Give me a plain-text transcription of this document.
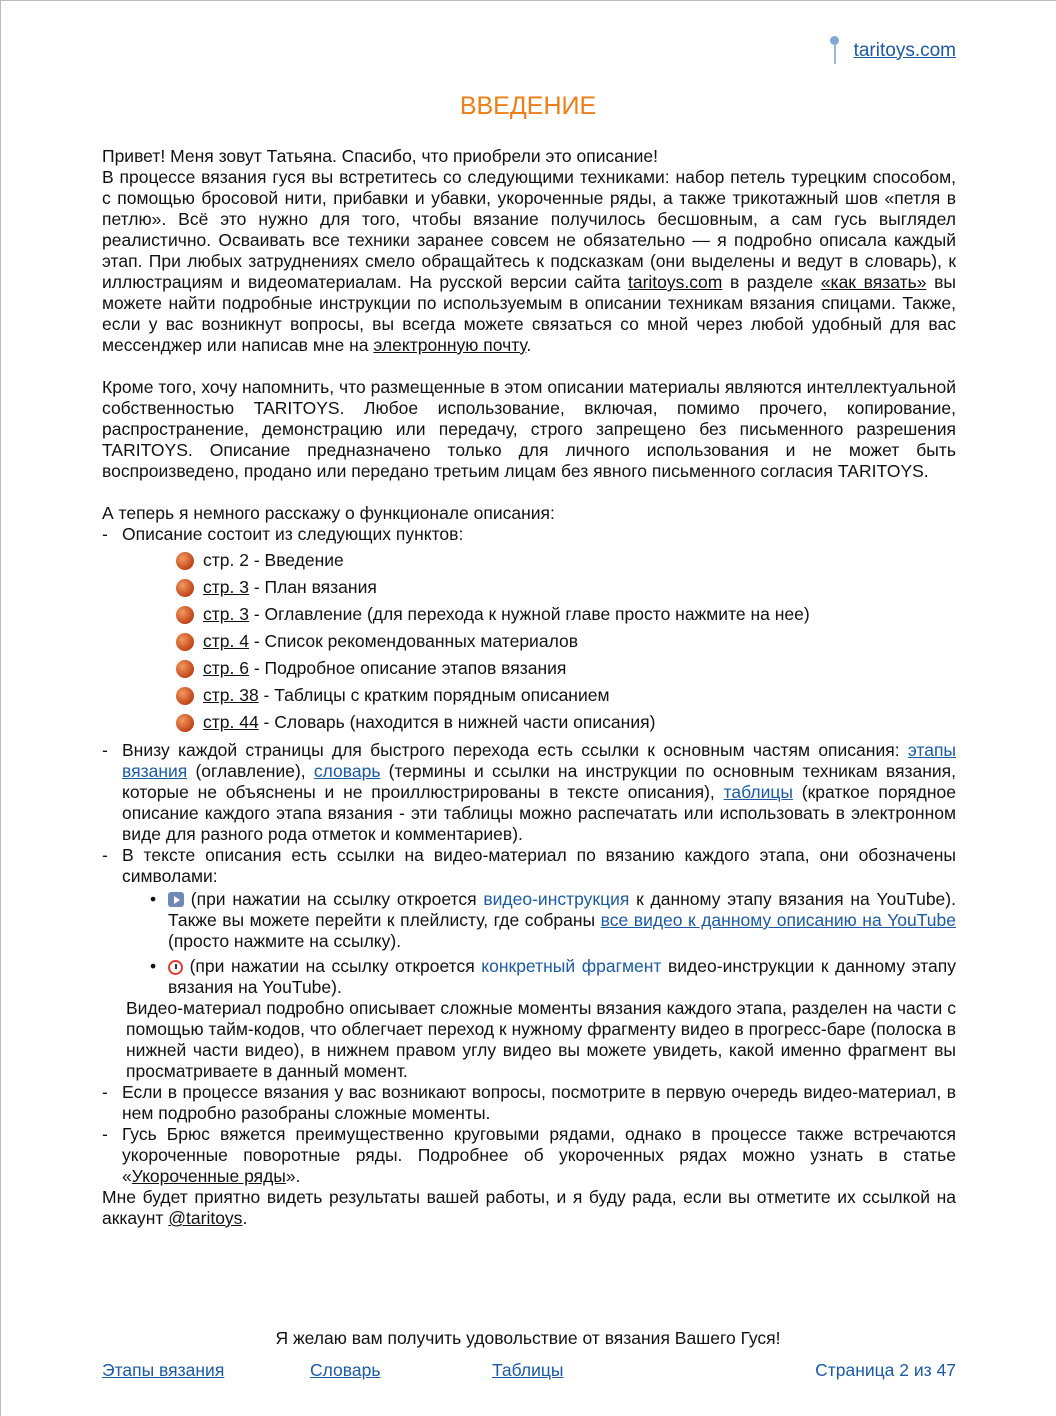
taritoys.com
ВВЕДЕНИЕ

Привет! Меня зовут Татьяна. Спасибо, что приобрели это описание!

В процессе вязания гуся вы встретитесь со следующими техниками: набор петель турецким способом, с помощью бросовой нити, прибавки и убавки, укороченные ряды, а также трикотажный шов «петля в петлю». Всё это нужно для того, чтобы вязание получилось бесшовным, а сам гусь выглядел реалистично. Осваивать все техники заранее совсем не обязательно — я подробно описала каждый этап. При любых затруднениях смело обращайтесь к подсказкам (они выделены и ведут в словарь), к иллюстрациям и видеоматериалам. На русской версии сайта taritoys.com в разделе «как вязать» вы можете найти подробные инструкции по используемым в описании техникам вязания спицами. Также, если у вас возникнут вопросы, вы всегда можете связаться со мной через любой удобный для вас мессенджер или написав мне на электронную почту.

Кроме того, хочу напомнить, что размещенные в этом описании материалы являются интеллектуальной собственностью TARITOYS. Любое использование, включая, помимо прочего, копирование, распространение, демонстрацию или передачу, строго запрещено без письменного разрешения TARITOYS. Описание предназначено только для личного использования и не может быть воспроизведено, продано или передано третьим лицам без явного письменного согласия TARITOYS.

А теперь я немного расскажу о функционале описания:

- Описание состоит из следующих пунктов:
стр. 2 - Введение
стр. 3 - План вязания
стр. 3 - Оглавление (для перехода к нужной главе просто нажмите на нее)
стр. 4 - Список рекомендованных материалов
стр. 6 - Подробное описание этапов вязания
стр. 38 - Таблицы с кратким порядным описанием
стр. 44 - Словарь (находится в нижней части описания)
- Внизу каждой страницы для быстрого перехода есть ссылки к основным частям описания: этапы вязания (оглавление), словарь (термины и ссылки на инструкции по основным техникам вязания, которые не объяснены и не проиллюстрированы в тексте описания), таблицы (краткое порядное описание каждого этапа вязания - эти таблицы можно распечатать или использовать в электронном виде для разного рода отметок и комментариев).
- В тексте описания есть ссылки на видео-материал по вязанию каждого этапа, они обозначены символами:
• (при нажатии на ссылку откроется видео-инструкция к данному этапу вязания на YouTube). Также вы можете перейти к плейлисту, где собраны все видео к данному описанию на YouTube (просто нажмите на ссылку).
• (при нажатии на ссылку откроется конкретный фрагмент видео-инструкции к данному этапу вязания на YouTube).

Видео-материал подробно описывает сложные моменты вязания каждого этапа, разделен на части с помощью тайм-кодов, что облегчает переход к нужному фрагменту видео в прогресс-баре (полоска в нижней части видео), в нижнем правом углу видео вы можете увидеть, какой именно фрагмент вы просматриваете в данный момент.

- Если в процессе вязания у вас возникают вопросы, посмотрите в первую очередь видео-материал, в нем подробно разобраны сложные моменты.
- Гусь Брюс вяжется преимущественно круговыми рядами, однако в процессе также встречаются укороченные поворотные ряды. Подробнее об укороченных рядах можно узнать в статье «Укороченные ряды».

Мне будет приятно видеть результаты вашей работы, и я буду рада, если вы отметите их ссылкой на аккаунт @taritoys.

Я желаю вам получить удовольствие от вязания Вашего Гуся!
Этапы вязания	Словарь	Таблицы	Страница 2 из 47
